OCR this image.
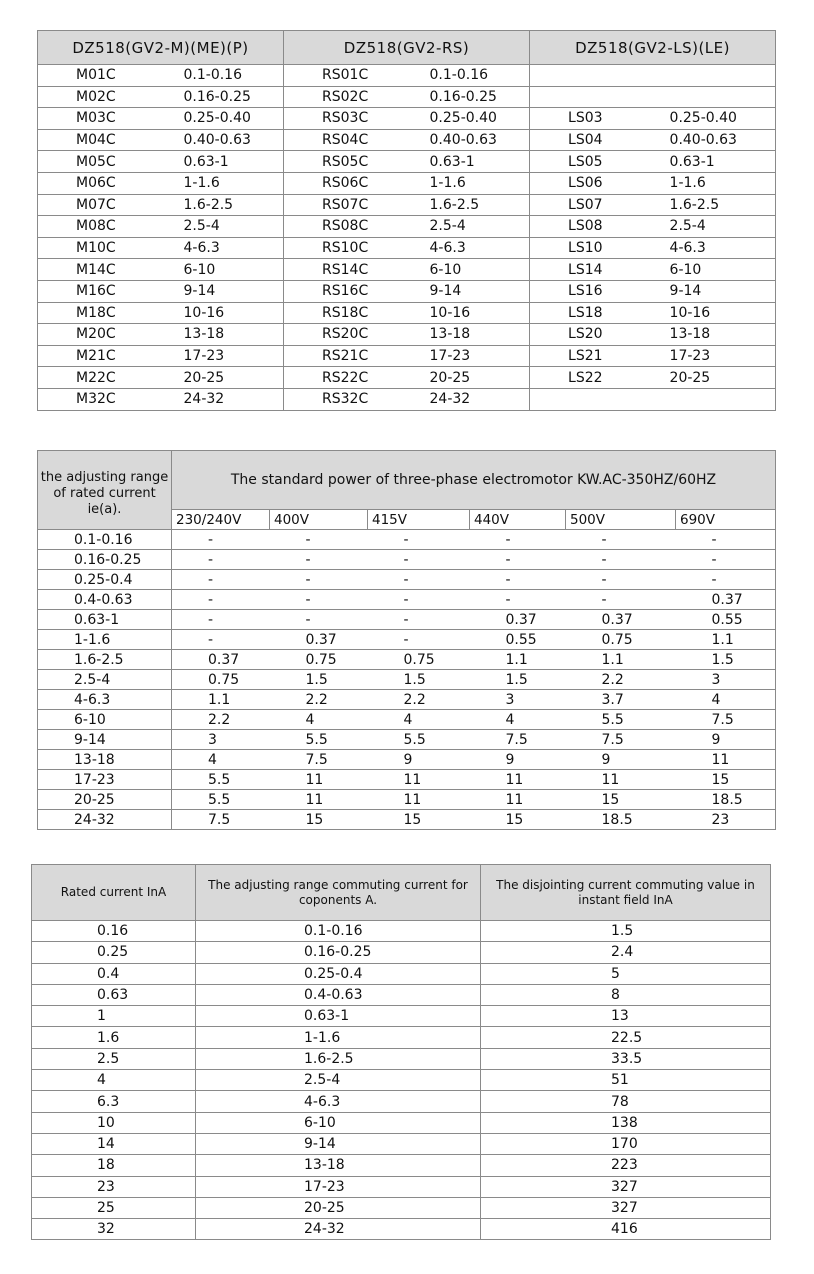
DZ518(GV2-M)(ME)(P)		DZ518(GV2-RS)		DZ518(GV2-LS)(LE)	
M01C	0.1-0.16	RS01C	0.1-0.16		
M02C	0.16-0.25	RS02C	0.16-0.25		
M03C	0.25-0.40	RS03C	0.25-0.40	LS03	0.25-0.40
M04C	0.40-0.63	RS04C	0.40-0.63	LS04	0.40-0.63
M05C	0.63-1	RS05C	0.63-1	LS05	0.63-1
M06C	1-1.6	RS06C	1-1.6	LS06	1-1.6
M07C	1.6-2.5	RS07C	1.6-2.5	LS07	1.6-2.5
M08C	2.5-4	RS08C	2.5-4	LS08	2.5-4
M10C	4-6.3	RS10C	4-6.3	LS10	4-6.3
M14C	6-10	RS14C	6-10	LS14	6-10
M16C	9-14	RS16C	9-14	LS16	9-14
M18C	10-16	RS18C	10-16	LS18	10-16
M20C	13-18	RS20C	13-18	LS20	13-18
M21C	17-23	RS21C	17-23	LS21	17-23
M22C	20-25	RS22C	20-25	LS22	20-25
M32C	24-32	RS32C	24-32		
the adjusting range of rated current ie(a).	The standard power of three-phase electromotor KW.AC-350HZ/60HZ					
	230/240V	400V	415V	440V	500V	690V
0.1-0.16	-	-	-	-	-	-
0.16-0.25	-	-	-	-	-	-
0.25-0.4	-	-	-	-	-	-
0.4-0.63	-	-	-	-	-	0.37
0.63-1	-	-	-	0.37	0.37	0.55
1-1.6	-	0.37	-	0.55	0.75	1.1
1.6-2.5	0.37	0.75	0.75	1.1	1.1	1.5
2.5-4	0.75	1.5	1.5	1.5	2.2	3
4-6.3	1.1	2.2	2.2	3	3.7	4
6-10	2.2	4	4	4	5.5	7.5
9-14	3	5.5	5.5	7.5	7.5	9
13-18	4	7.5	9	9	9	11
17-23	5.5	11	11	11	11	15
20-25	5.5	11	11	11	15	18.5
24-32	7.5	15	15	15	18.5	23
Rated current InA	The adjusting range commuting current for coponents A.	The disjointing current commuting value in instant field InA
0.16	0.1-0.16	1.5
0.25	0.16-0.25	2.4
0.4	0.25-0.4	5
0.63	0.4-0.63	8
1	0.63-1	13
1.6	1-1.6	22.5
2.5	1.6-2.5	33.5
4	2.5-4	51
6.3	4-6.3	78
10	6-10	138
14	9-14	170
18	13-18	223
23	17-23	327
25	20-25	327
32	24-32	416
